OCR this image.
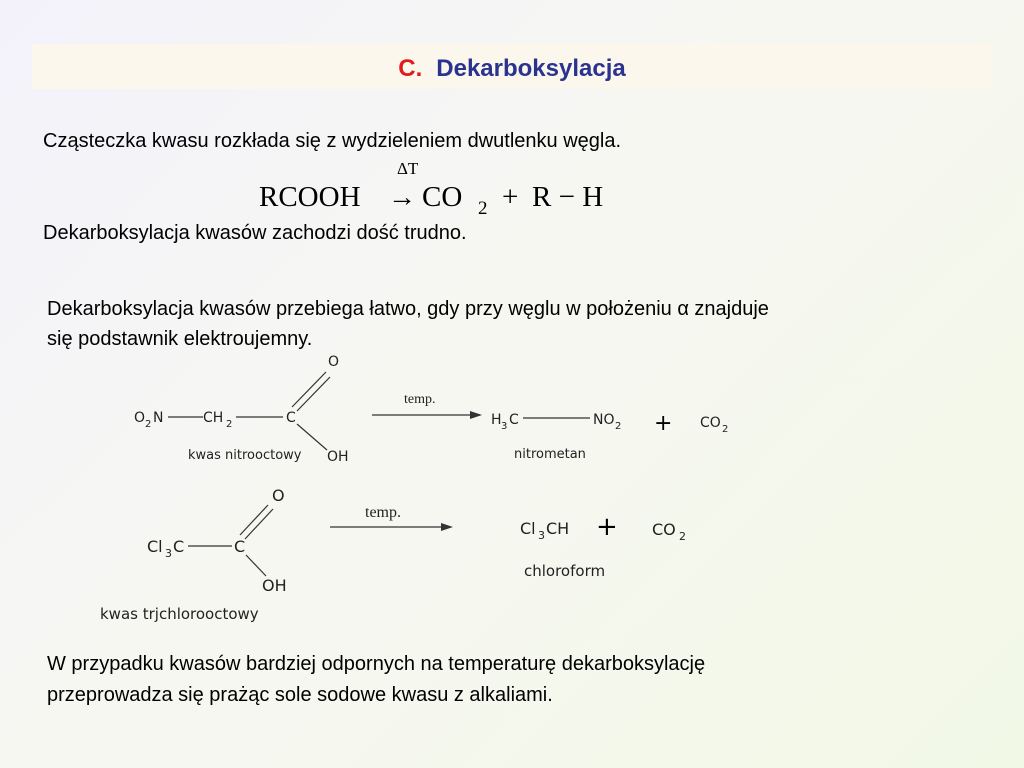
C. Dekarboksylacja
Cząsteczka kwasu rozkłada się z wydzieleniem dwutlenku węgla.
ΔT
RCOOH → CO 2 + R − H
Dekarboksylacja kwasów zachodzi dość trudno.
Dekarboksylacja kwasów przebiega łatwo, gdy przy węglu w położeniu α znajduje
się podstawnik elektroujemny.
O 2 N	CH 2	C
O
OH
kwas nitrooctowy
temp.
H 3 C	NO 2
nitrometan
+ CO 2
Cl 3 C	C
O
OH
kwas trjchlorooctowy
temp.
Cl 3 CH
chloroform
+ CO 2
W przypadku kwasów bardziej odpornych na temperaturę dekarboksylację
przeprowadza się prażąc sole sodowe kwasu z alkaliami.
